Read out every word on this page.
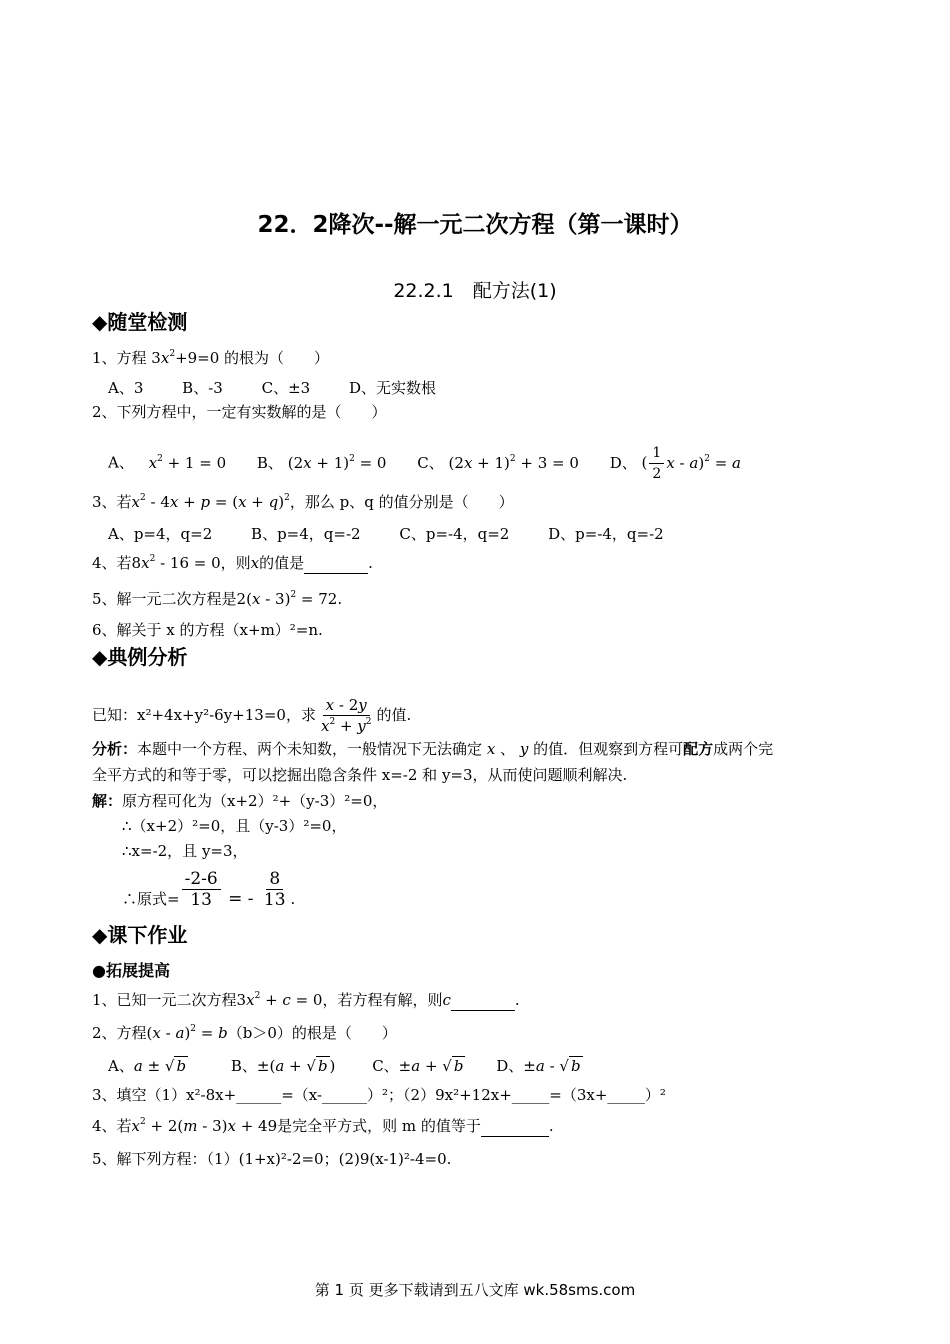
22．2降次--解一元二次方程（第一课时）
22.2.1　配方法(1)
◆随堂检测
1、方程 $3x^2+9=0$ 的根为（　　）
A、3	B、-3	C、±3	D、无实数根
2、下列方程中，一定有实数解的是（　　）
A、 $x^2 + 1 = 0$ B、 $(2x + 1)^2 = 0$ C、 $(2x + 1)^2 + 3 = 0$ D、 ( $\frac{1}{2}$ x - a)$^2$ = a
3、若$x^2 - 4x + p = (x + q)^2$，那么 p、q 的值分别是（　　）
A、p=4，q=2	B、p=4，q=-2	C、p=-4，q=2	D、p=-4，q=-2
4、若$8x^2 - 16 = 0$，则x的值是	.
5、解一元二次方程是2(x - 3)$^2$ = 72.
6、解关于 x 的方程（x+m）²=n.
◆典例分析
已知：x²+4x+y²-6y+13=0，求 $\frac{x - 2y}{x^2 + y^2}$ 的值.
分析：本题中一个方程、两个未知数，一般情况下无法确定 x 、 y 的值．但观察到方程可配方成两个完
全平方式的和等于零，可以挖掘出隐含条件 x=-2 和 y=3，从而使问题顺利解决.
解：原方程可化为（x+2）²+（y-3）²=0，
∴（x+2）²=0，且（y-3）²=0，
∴x=-2，且 y=3，
∴原式= $\frac{-2-6}{13}$ = - $\frac{8}{13}$ .
◆课下作业
●拓展提高
1、已知一元二次方程$3x^2 + c = 0$，若方程有解，则c	.
2、方程(x - a)$^2$ = b（b＞0）的根是（　　）
A、a ± √ b	B、±(a + √ b ) C、±a + √ b D、±a - √ b
3、填空（1）x²-8x+______=（x-______）²；（2）9x²+12x+_____=（3x+_____）²
4、若$x^2 + 2(m - 3)x + 49$是完全平方式，则 m 的值等于	.
5、解下列方程：（1）(1+x)²-2=0；(2)9(x-1)²-4=0.
第 1 页 更多下载请到五八文库 wk.58sms.com
